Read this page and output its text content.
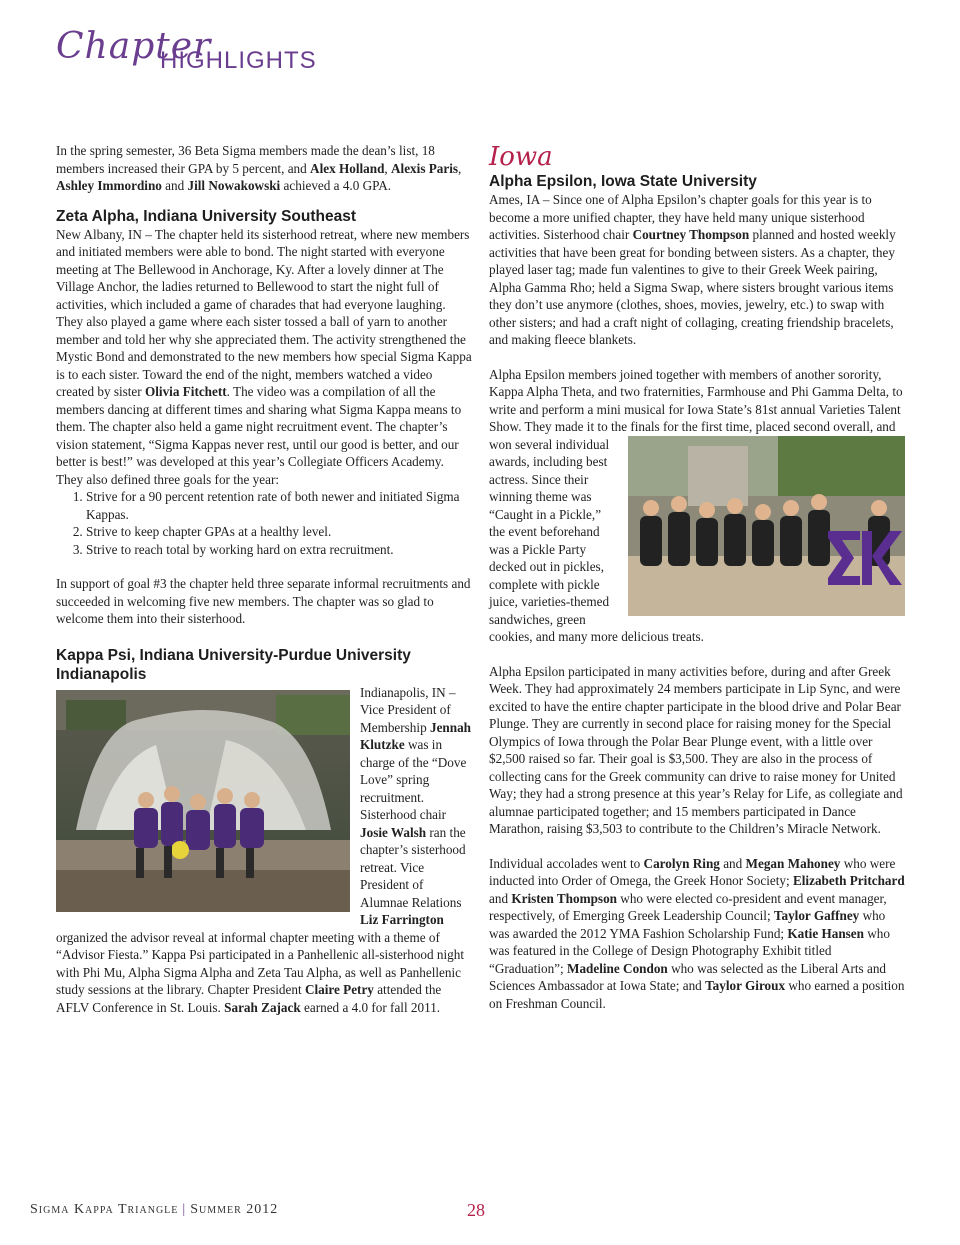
Chapter
HIGHLIGHTS

In the spring semester, 36 Beta Sigma members made the dean’s list, 18 members increased their GPA by 5 percent, and Alex Holland, Alexis Paris, Ashley Immordino and Jill Nowakowski achieved a 4.0 GPA.

Zeta Alpha, Indiana University Southeast

New Albany, IN – The chapter held its sisterhood retreat, where new members and initiated members were able to bond. The night started with everyone meeting at The Bellewood in Anchorage, Ky. After a lovely dinner at The Village Anchor, the ladies returned to Bellewood to start the night full of activities, which included a game of charades that had everyone laughing. They also played a game where each sister tossed a ball of yarn to another member and told her why she appreciated them. The activity strengthened the Mystic Bond and demonstrated to the new members how special Sigma Kappa is to each sister. Toward the end of the night, members watched a video created by sister Olivia Fitchett. The video was a compilation of all the members dancing at different times and sharing what Sigma Kappa means to them. The chapter also held a game night recruitment event. The chapter’s vision statement, “Sigma Kappas never rest, until our good is better, and our better is best!” was developed at this year’s Collegiate Officers Academy. They also defined three goals for the year:

1. Strive for a 90 percent retention rate of both newer and initiated Sigma Kappas.
2. Strive to keep chapter GPAs at a healthy level.
3. Strive to reach total by working hard on extra recruitment.

In support of goal #3 the chapter held three separate informal recruitments and succeeded in welcoming five new members. The chapter was so glad to welcome them into their sisterhood.

Kappa Psi, Indiana University-Purdue University Indianapolis

Indianapolis, IN – Vice President of Membership Jennah Klutzke was in charge of the “Dove Love” spring recruitment. Sisterhood chair Josie Walsh ran the chapter’s sisterhood retreat. Vice President of Alumnae Relations Liz Farrington organized the advisor reveal at informal chapter meeting with a theme of “Advisor Fiesta.” Kappa Psi participated in a Panhellenic all-sisterhood night with Phi Mu, Alpha Sigma Alpha and Zeta Tau Alpha, as well as Panhellenic study sessions at the library. Chapter President Claire Petry attended the AFLV Conference in St. Louis. Sarah Zajack earned a 4.0 for fall 2011.

Iowa

Alpha Epsilon, Iowa State University

Ames, IA – Since one of Alpha Epsilon’s chapter goals for this year is to become a more unified chapter, they have held many unique sisterhood activities. Sisterhood chair Courtney Thompson planned and hosted weekly activities that have been great for bonding between sisters. As a chapter, they played laser tag; made fun valentines to give to their Greek Week pairing, Alpha Gamma Rho; held a Sigma Swap, where sisters brought various items they don’t use anymore (clothes, shoes, movies, jewelry, etc.) to swap with other sisters; and had a craft night of collaging, creating friendship bracelets, and making fleece blankets.

Alpha Epsilon members joined together with members of another sorority, Kappa Alpha Theta, and two fraternities, Farmhouse and Phi Gamma Delta, to write and perform a mini musical for Iowa State’s 81st annual Varieties Talent Show. They made it to the finals for the first time, placed second overall, and won several individual awards, including best actress. Since their winning theme was “Caught in a Pickle,” the event beforehand was a Pickle Party decked out in pickles, complete with pickle juice, varieties-themed sandwiches, green cookies, and many more delicious treats.

Alpha Epsilon participated in many activities before, during and after Greek Week. They had approximately 24 members participate in Lip Sync, and were excited to have the entire chapter participate in the blood drive and Polar Bear Plunge. They are currently in second place for raising money for the Special Olympics of Iowa through the Polar Bear Plunge event, with a little over $2,500 raised so far. Their goal is $3,500. They are also in the process of collecting cans for the Greek community can drive to raise money for United Way; they had a strong presence at this year’s Relay for Life, as collegiate and alumnae participated together; and 15 members participated in Dance Marathon, raising $3,503 to contribute to the Children’s Miracle Network.

Individual accolades went to Carolyn Ring and Megan Mahoney who were inducted into Order of Omega, the Greek Honor Society; Elizabeth Pritchard and Kristen Thompson who were elected co-president and event manager, respectively, of Emerging Greek Leadership Council; Taylor Gaffney who was awarded the 2012 YMA Fashion Scholarship Fund; Katie Hansen who was featured in the College of Design Photography Exhibit titled “Graduation”; Madeline Condon who was selected as the Liberal Arts and Sciences Ambassador at Iowa State; and Taylor Giroux who earned a position on Freshman Council.

Sigma Kappa Triangle | Summer 2012	28
